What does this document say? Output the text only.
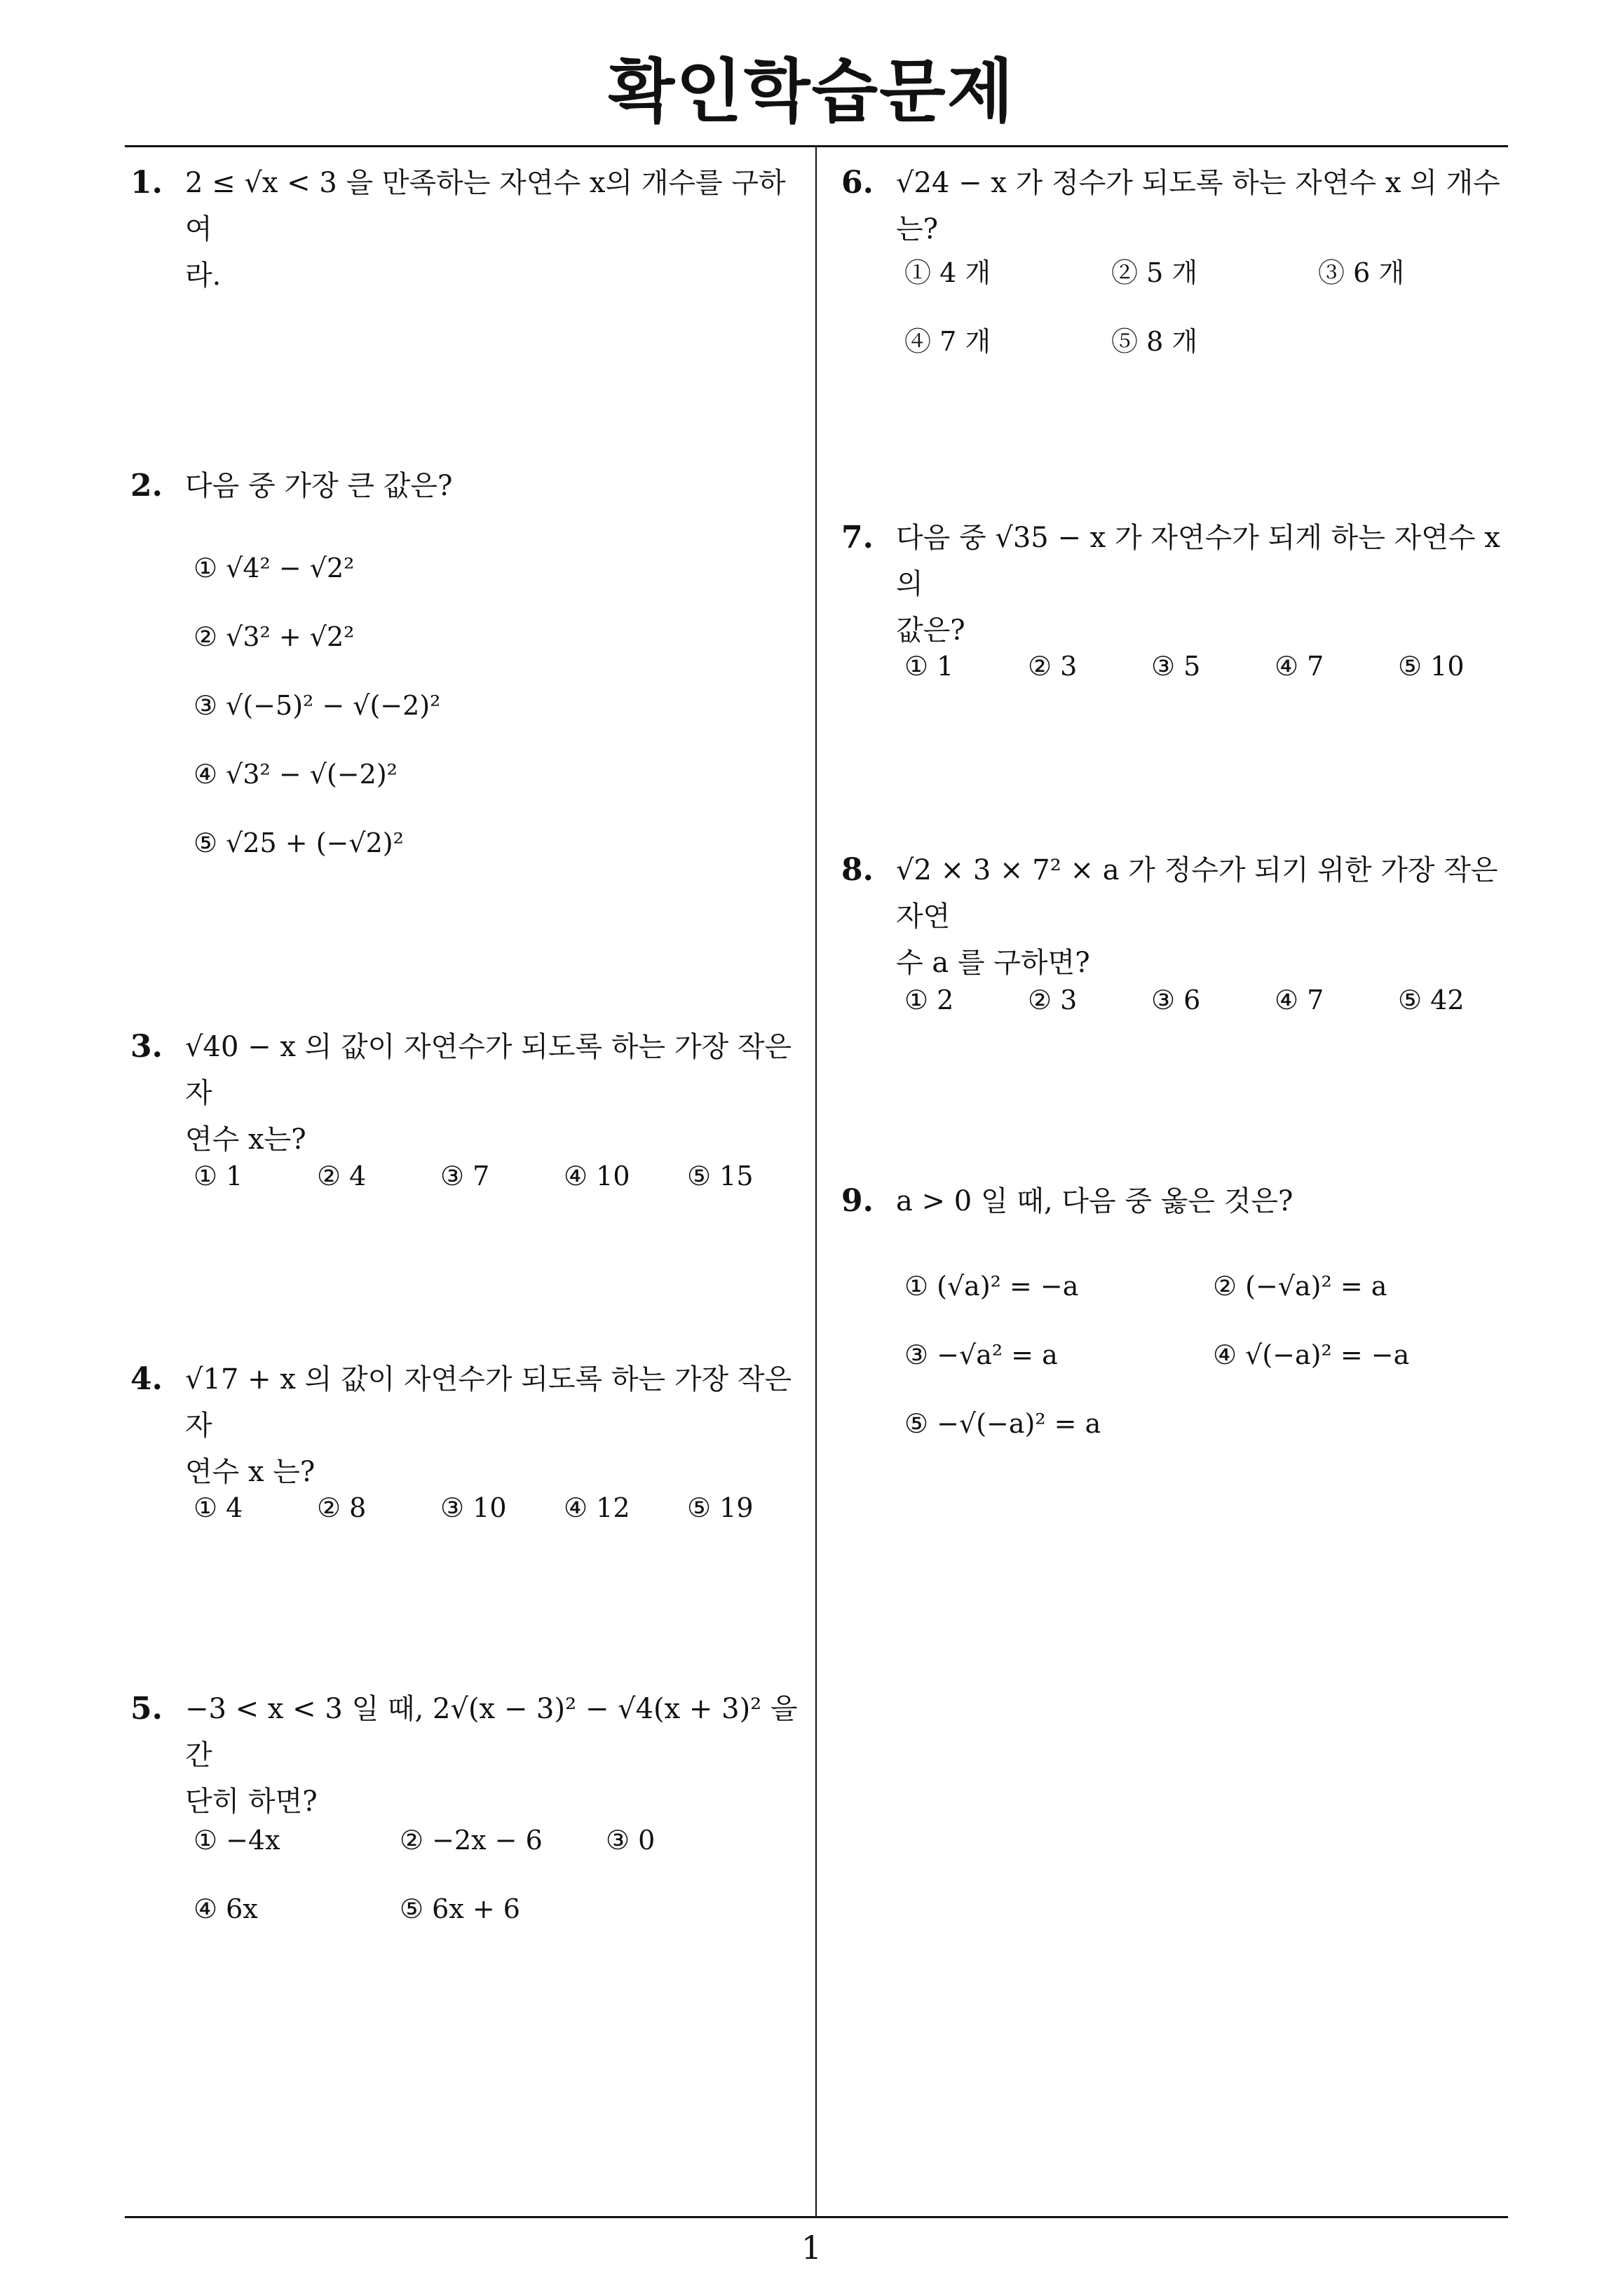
확인학습문제
1
1. 2 ≤ √x < 3 을 만족하는 자연수 x의 개수를 구하여
라.
2. 다음 중 가장 큰 값은?
① √4² − √2²
② √3² + √2²
③ √(−5)² − √(−2)²
④ √3² − √(−2)²
⑤ √25 + (−√2)²
3. √40 − x 의 값이 자연수가 되도록 하는 가장 작은 자
연수 x는?
① 1	② 4	③ 7	④ 10 ⑤ 15
4. √17 + x 의 값이 자연수가 되도록 하는 가장 작은 자
연수 x 는?
① 4	② 8	③ 10 ④ 12 ⑤ 19
5. −3 < x < 3 일 때, 2√(x − 3)² − √4(x + 3)² 을 간
단히 하면?
① −4x	② −2x − 6 ③ 0
④ 6x	⑤ 6x + 6
6. √24 − x 가 정수가 되도록 하는 자연수 x 의 개수는?
① 4 개	② 5 개	③ 6 개
④ 7 개	⑤ 8 개
7. 다음 중 √35 − x 가 자연수가 되게 하는 자연수 x 의
값은?
① 1	② 3	③ 5	④ 7	⑤ 10
8. √2 × 3 × 7² × a 가 정수가 되기 위한 가장 작은 자연
수 a 를 구하면?
① 2	② 3	③ 6	④ 7	⑤ 42
9. a > 0 일 때, 다음 중 옳은 것은?
① (√a)² = −a	② (−√a)² = a
③ −√a² = a	④ √(−a)² = −a
⑤ −√(−a)² = a
